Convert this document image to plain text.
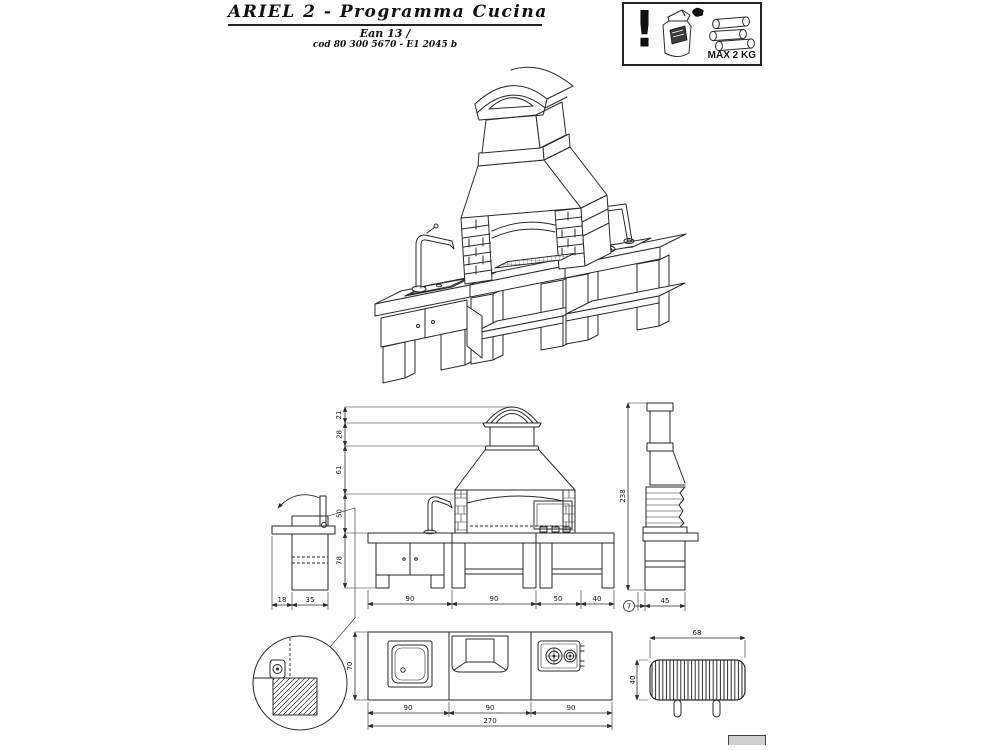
ARIEL 2 - Programma Cucina
Ean 13 /
cod 80 300 5670 - E1 2045 b	!	MAX 2 KG
21
28
61
50
78
90	90	50	40
238
7
45
18	35
70
90	90	90
270
68
40
